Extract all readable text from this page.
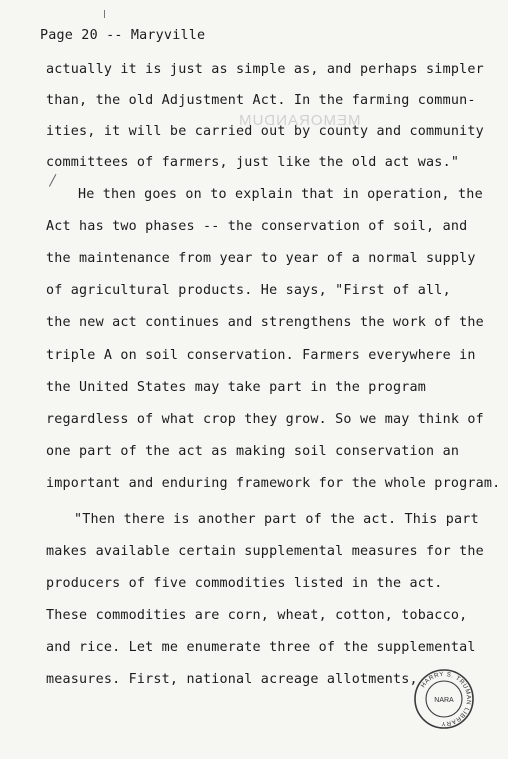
Page 20 -- Maryville
MEMORANDUM
actually it is just as simple as, and perhaps simpler
than, the old Adjustment Act. In the farming commun-
ities, it will be carried out by county and community
committees of farmers, just like the old act was."
He then goes on to explain that in operation, the
Act has two phases -- the conservation of soil, and
the maintenance from year to year of a normal supply
of agricultural products. He says, "First of all,
the new act continues and strengthens the work of the
triple A on soil conservation. Farmers everywhere in
the United States may take part in the program
regardless of what crop they grow. So we may think of
one part of the act as making soil conservation an
important and enduring framework for the whole program.
"Then there is another part of the act. This part
makes available certain supplemental measures for the
producers of five commodities listed in the act.
These commodities are corn, wheat, cotton, tobacco,
and rice. Let me enumerate three of the supplemental
measures. First, national acreage allotments, HARRY S. TRUMAN LIBRARY
NARA
